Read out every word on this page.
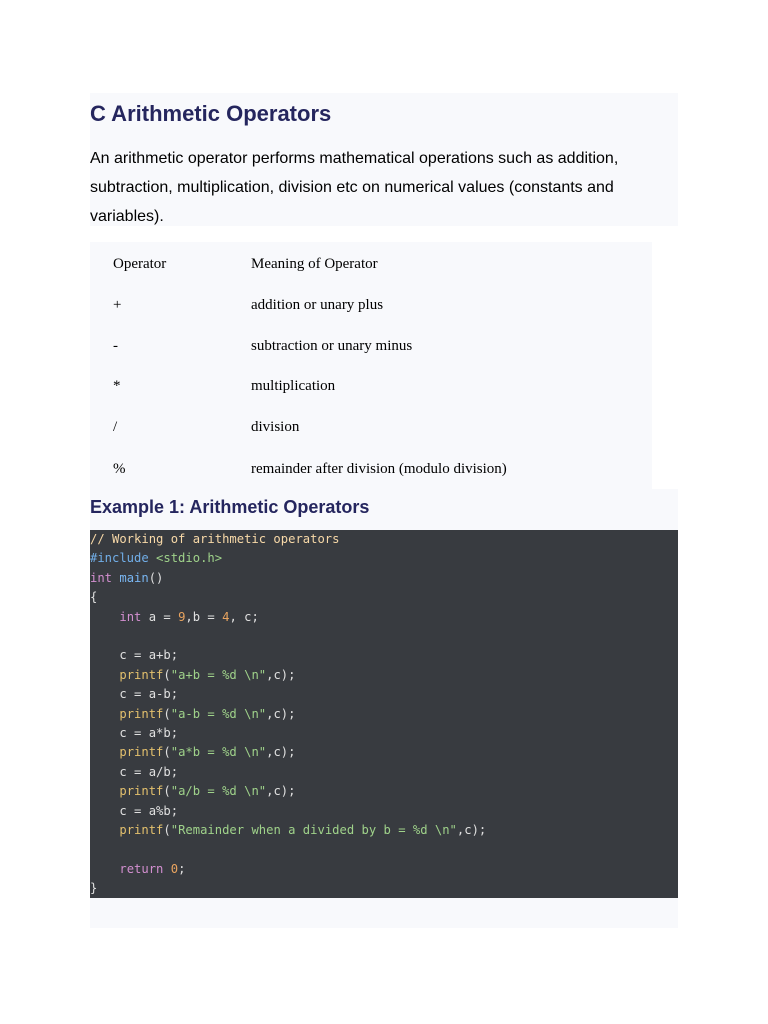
C Arithmetic Operators

An arithmetic operator performs mathematical operations such as addition, subtraction, multiplication, division etc on numerical values (constants and variables).

Operator	Meaning of Operator
+	addition or unary plus
-	subtraction or unary minus
*	multiplication
/	division
%	remainder after division (modulo division)
Example 1: Arithmetic Operators
// Working of arithmetic operators
#include <stdio.h>
int main()
{
int a = 9,b = 4, c;
c = a+b;
printf("a+b = %d \n",c);
c = a-b;
printf("a-b = %d \n",c);
c = a*b;
printf("a*b = %d \n",c);
c = a/b;
printf("a/b = %d \n",c);
c = a%b;
printf("Remainder when a divided by b = %d \n",c);
return 0;
}
